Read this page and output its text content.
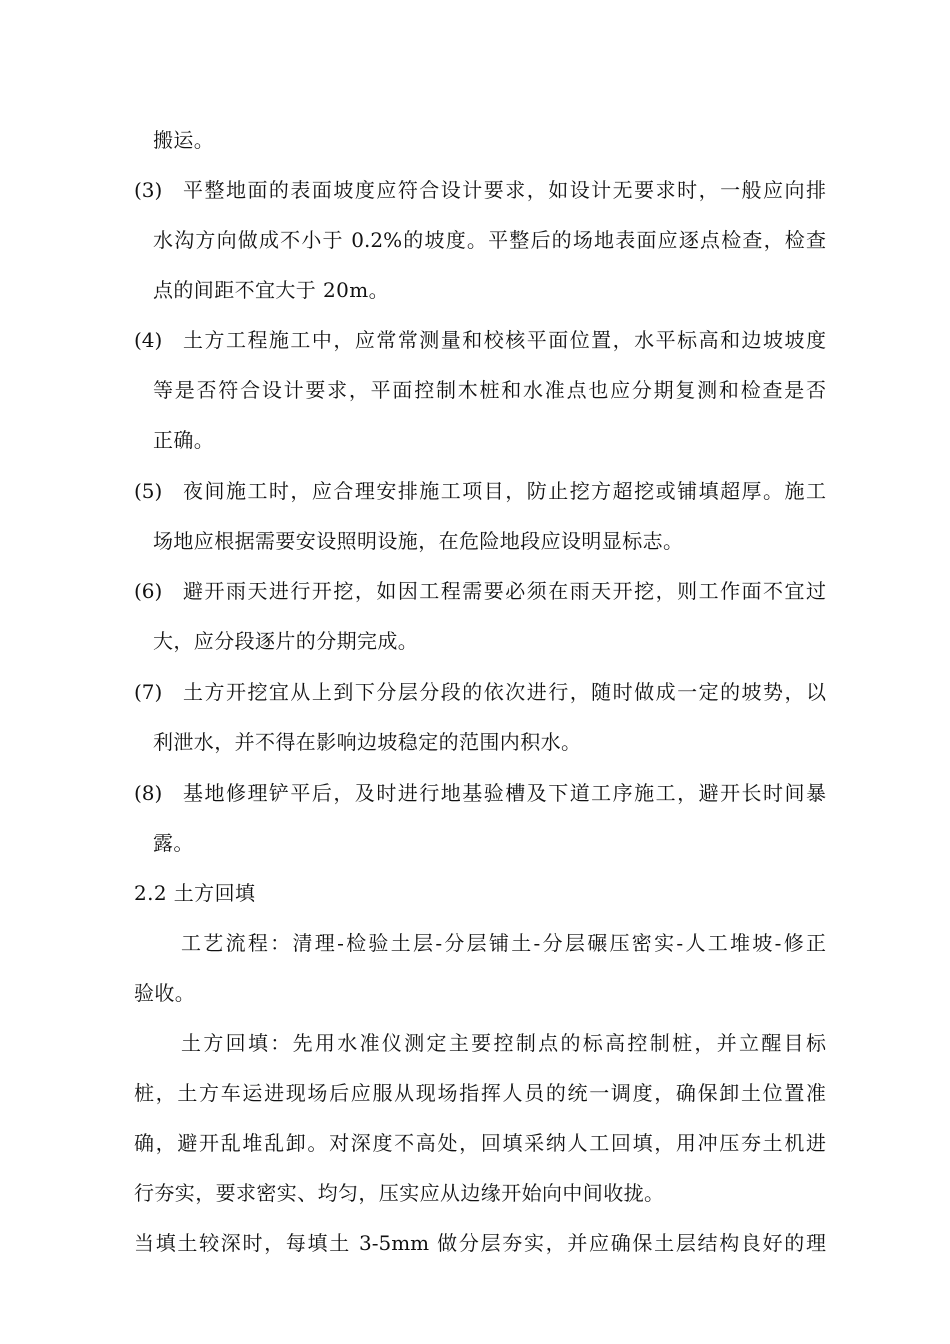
搬运。
(3) 平整地面的表面坡度应符合设计要求，如设计无要求时，一般应向排
水沟方向做成不小于 0.2%的坡度。平整后的场地表面应逐点检查，检查
点的间距不宜大于 20m。
(4) 土方工程施工中，应常常测量和校核平面位置，水平标高和边坡坡度
等是否符合设计要求，平面控制木桩和水准点也应分期复测和检查是否
正确。
(5) 夜间施工时，应合理安排施工项目，防止挖方超挖或铺填超厚。施工
场地应根据需要安设照明设施，在危险地段应设明显标志。
(6) 避开雨天进行开挖，如因工程需要必须在雨天开挖，则工作面不宜过
大，应分段逐片的分期完成。
(7) 土方开挖宜从上到下分层分段的依次进行，随时做成一定的坡势，以
利泄水，并不得在影响边坡稳定的范围内积水。
(8) 基地修理铲平后，及时进行地基验槽及下道工序施工，避开长时间暴
露。
2.2 土方回填
工艺流程：清理-检验土层-分层铺土-分层碾压密实-人工堆坡-修正
验收。
土方回填：先用水准仪测定主要控制点的标高控制桩，并立醒目标
桩，土方车运进现场后应服从现场指挥人员的统一调度，确保卸土位置准
确，避开乱堆乱卸。对深度不高处，回填采纳人工回填，用冲压夯土机进
行夯实，要求密实、均匀，压实应从边缘开始向中间收拢。
当填土较深时，每填土 3-5mm 做分层夯实，并应确保土层结构良好的理
